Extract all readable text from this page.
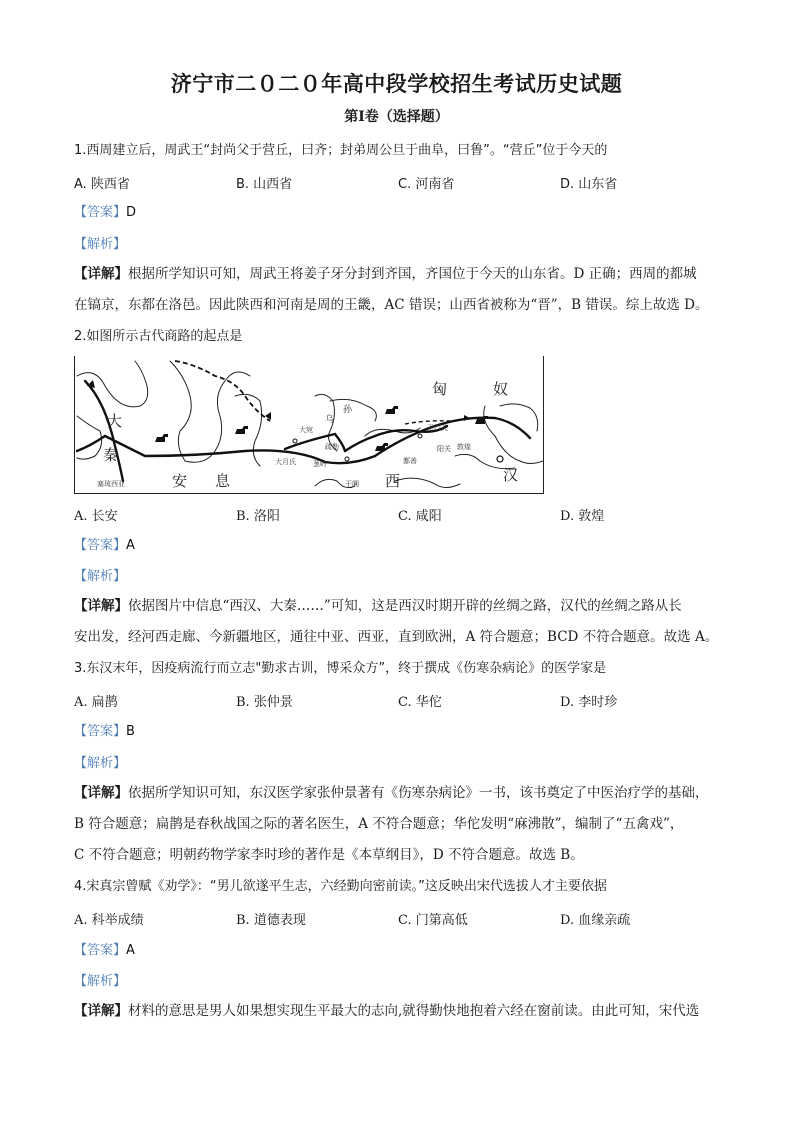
济宁市二０二０年高中段学校招生考试历史试题
第Ⅰ卷（选择题）
1.西周建立后，周武王“封尚父于营丘，曰齐；封弟周公旦于曲阜，曰鲁”。“营丘”位于今天的
A. 陕西省	B. 山西省	C. 河南省	D. 山东省
【答案】D
【解析】
【详解】根据所学知识可知，周武王将姜子牙分封到齐国，齐国位于今天的山东省。D 正确；西周的都城
在镐京，东都在洛邑。因此陕西和河南是周的王畿，AC 错误；山西省被称为“晋”，B 错误。综上故选 D。
2.如图所示古代商路的起点是
匈	奴
大
秦
安 息	西	汉
塞琉西亚
大宛
疏勒
大月氏 葱岭
于阗
鄯善
玉门关
阳关 敦煌
乌
孙
A. 长安	B. 洛阳	C. 咸阳	D. 敦煌
【答案】A
【解析】
【详解】依据图片中信息“西汉、大秦……”可知，这是西汉时期开辟的丝绸之路，汉代的丝绸之路从长
安出发，经河西走廊、今新疆地区，通往中亚、西亚，直到欧洲，A 符合题意；BCD 不符合题意。故选 A。
3.东汉末年，因疫病流行而立志"勤求古训，博采众方”，终于撰成《伤寒杂病论》的医学家是
A. 扁鹊	B. 张仲景	C. 华佗	D. 李时珍
【答案】B
【解析】
【详解】依据所学知识可知，东汉医学家张仲景著有《伤寒杂病论》一书，该书奠定了中医治疗学的基础，
B 符合题意；扁鹊是春秋战国之际的著名医生，A 不符合题意；华佗发明“麻沸散”，编制了“五禽戏”，
C 不符合题意；明朝药物学家李时珍的著作是《本草纲目》，D 不符合题意。故选 B。
4.宋真宗曾赋《劝学》：“男儿欲遂平生志，六经勤向密前读。”这反映出宋代选拔人才主要依据
A. 科举成绩	B. 道德表现	C. 门第高低	D. 血缘亲疏
【答案】A
【解析】
【详解】材料的意思是男人如果想实现生平最大的志向,就得勤快地抱着六经在窗前读。由此可知，宋代选
